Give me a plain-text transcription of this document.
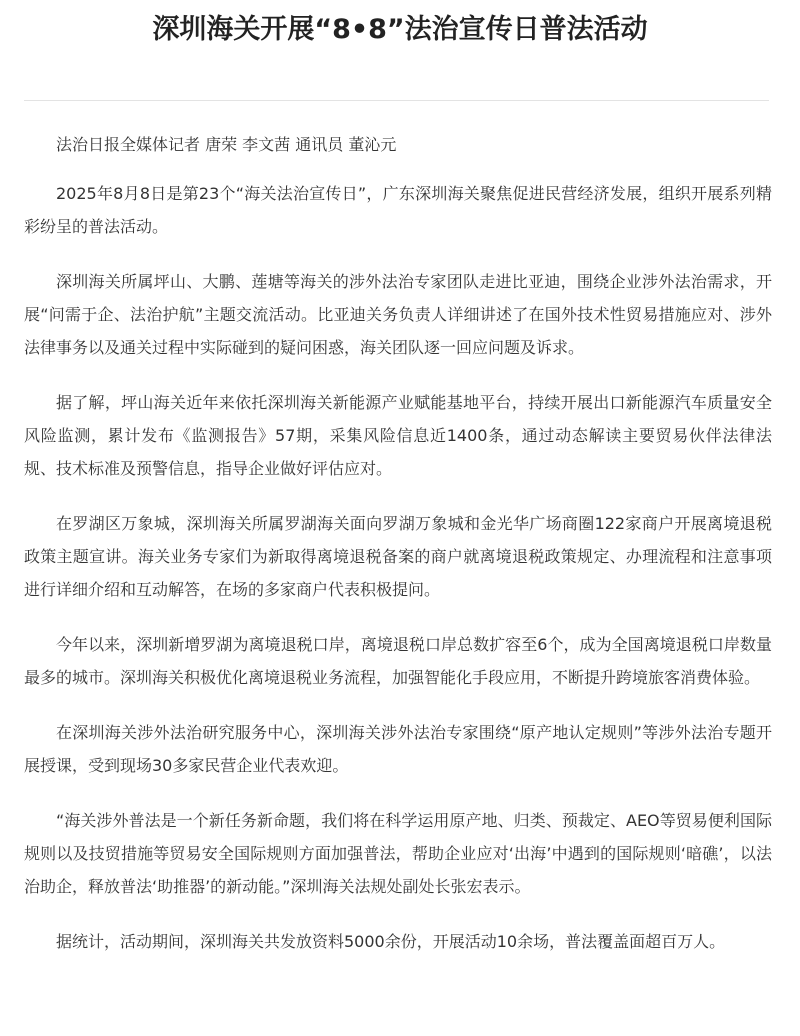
深圳海关开展“8•8”法治宣传日普法活动

法治日报全媒体记者 唐荣 李文茜 通讯员 董沁元

2025年8月8日是第23个“海关法治宣传日”，广东深圳海关聚焦促进民营经济发展，组织开展系列精彩纷呈的普法活动。

深圳海关所属坪山、大鹏、莲塘等海关的涉外法治专家团队走进比亚迪，围绕企业涉外法治需求，开展“问需于企、法治护航”主题交流活动。比亚迪关务负责人详细讲述了在国外技术性贸易措施应对、涉外法律事务以及通关过程中实际碰到的疑问困惑，海关团队逐一回应问题及诉求。

据了解，坪山海关近年来依托深圳海关新能源产业赋能基地平台，持续开展出口新能源汽车质量安全风险监测，累计发布《监测报告》57期，采集风险信息近1400条，通过动态解读主要贸易伙伴法律法规、技术标准及预警信息，指导企业做好评估应对。

在罗湖区万象城，深圳海关所属罗湖海关面向罗湖万象城和金光华广场商圈122家商户开展离境退税政策主题宣讲。海关业务专家们为新取得离境退税备案的商户就离境退税政策规定、办理流程和注意事项进行详细介绍和互动解答，在场的多家商户代表积极提问。

今年以来，深圳新增罗湖为离境退税口岸，离境退税口岸总数扩容至6个，成为全国离境退税口岸数量最多的城市。深圳海关积极优化离境退税业务流程，加强智能化手段应用，不断提升跨境旅客消费体验。

在深圳海关涉外法治研究服务中心，深圳海关涉外法治专家围绕“原产地认定规则”等涉外法治专题开展授课，受到现场30多家民营企业代表欢迎。

“海关涉外普法是一个新任务新命题，我们将在科学运用原产地、归类、预裁定、AEO等贸易便利国际规则以及技贸措施等贸易安全国际规则方面加强普法，帮助企业应对‘出海’中遇到的国际规则‘暗礁’，以法治助企，释放普法‘助推器’的新动能。”深圳海关法规处副处长张宏表示。

据统计，活动期间，深圳海关共发放资料5000余份，开展活动10余场，普法覆盖面超百万人。
